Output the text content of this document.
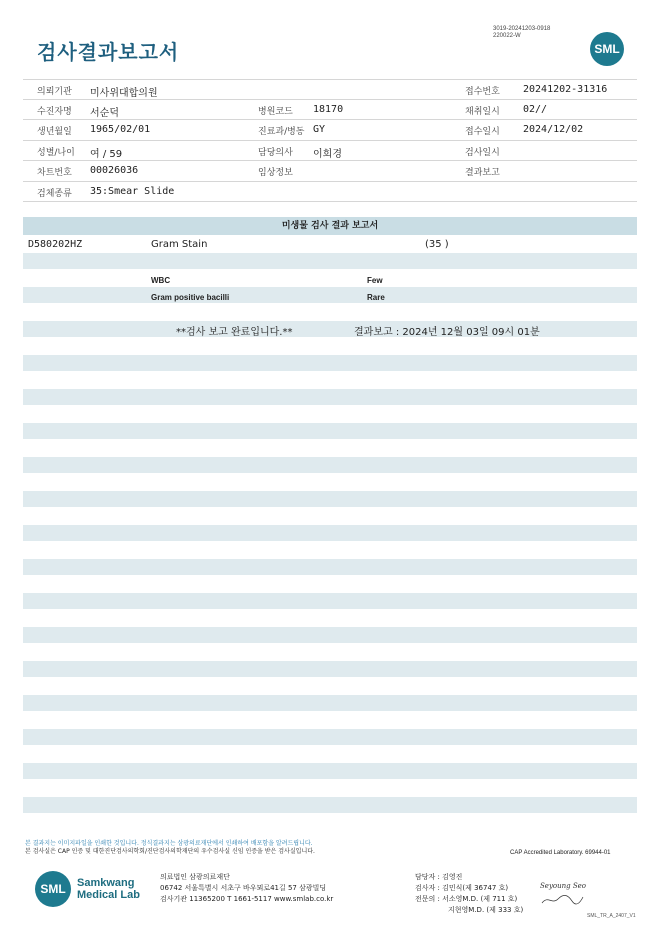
3019-20241203-0918
220022-W
검사결과보고서	SML
의뢰기관 미사위대합의원	접수번호 20241202-31316
수진자명 서순덕	병원코드 18170	채취일시 02//
생년월일 1965/02/01	진료과/병동 GY	접수일시 2024/12/02
성별/나이 여 / 59	담당의사 이희경	검사일시
차트번호 00026036	임상정보	결과보고
검체종류 35:Smear Slide
미생물 검사 결과 보고서
D580202HZ	Gram Stain	(35 )
WBC	Few
Gram positive bacilli	Rare
**검사 보고 완료입니다.**	결과보고 : 2024년 12월 03일 09시 01분
본 결과지는 이미지파일을 인쇄한 것입니다. 정식결과지는 삼광의료재단에서 인쇄하여 배포함을 알려드립니다.
본 검사실은 CAP 인증 및 대한진단검사의학회/진단검사의학재단의 우수검사실 신임 인증을 받은 검사실입니다.	CAP Accredited Laboratory. 69944-01
SML	Samkwang
Medical Lab
의료법인 삼광의료재단
06742 서울특별시 서초구 바우뫼로41길 57 삼광빌딩
검사기관 11365200 T 1661-5117 www.smlab.co.kr
담당자 : 김영진
검사자 : 김민식(제 36747 호)
전문의 : 서소영M.D. (제 711 호)
지현영M.D. (제 333 호)
Seyoung Seo
SML_TR_A_2407_V1
